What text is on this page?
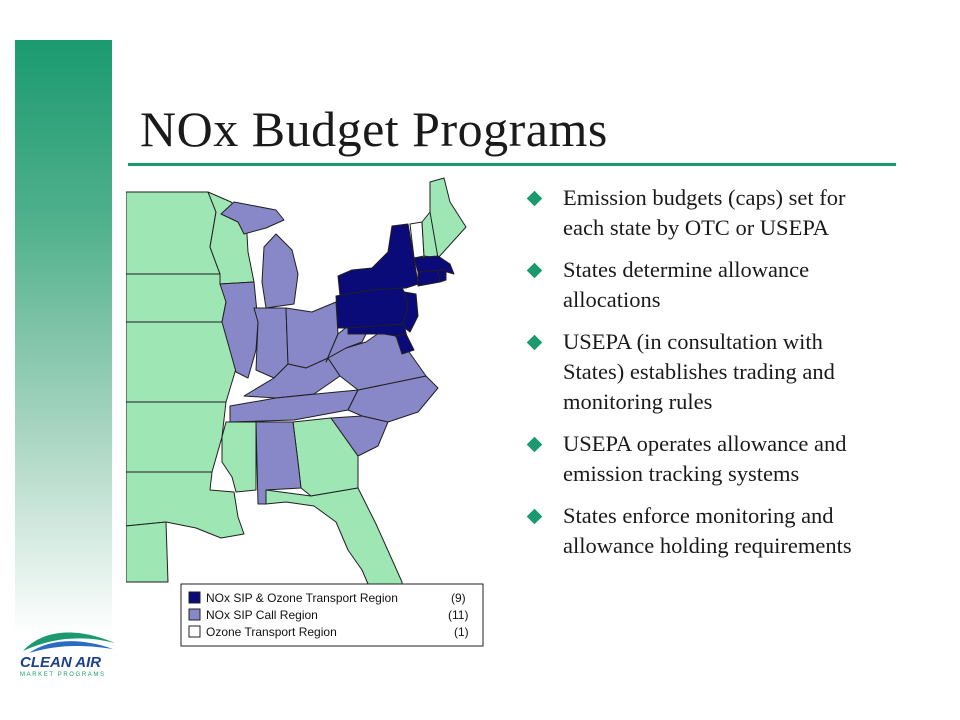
NOx Budget Programs
NOx SIP & Ozone Transport Region	(9)
NOx SIP Call Region	(11)
Ozone Transport Region	(1)
Emission budgets (caps) set for each state by OTC or USEPA
States determine allowance allocations
USEPA (in consultation with States) establishes trading and monitoring rules
USEPA operates allowance and emission tracking systems
States enforce monitoring and allowance holding requirements
CLEAN AIR
MARKET PROGRAMS
